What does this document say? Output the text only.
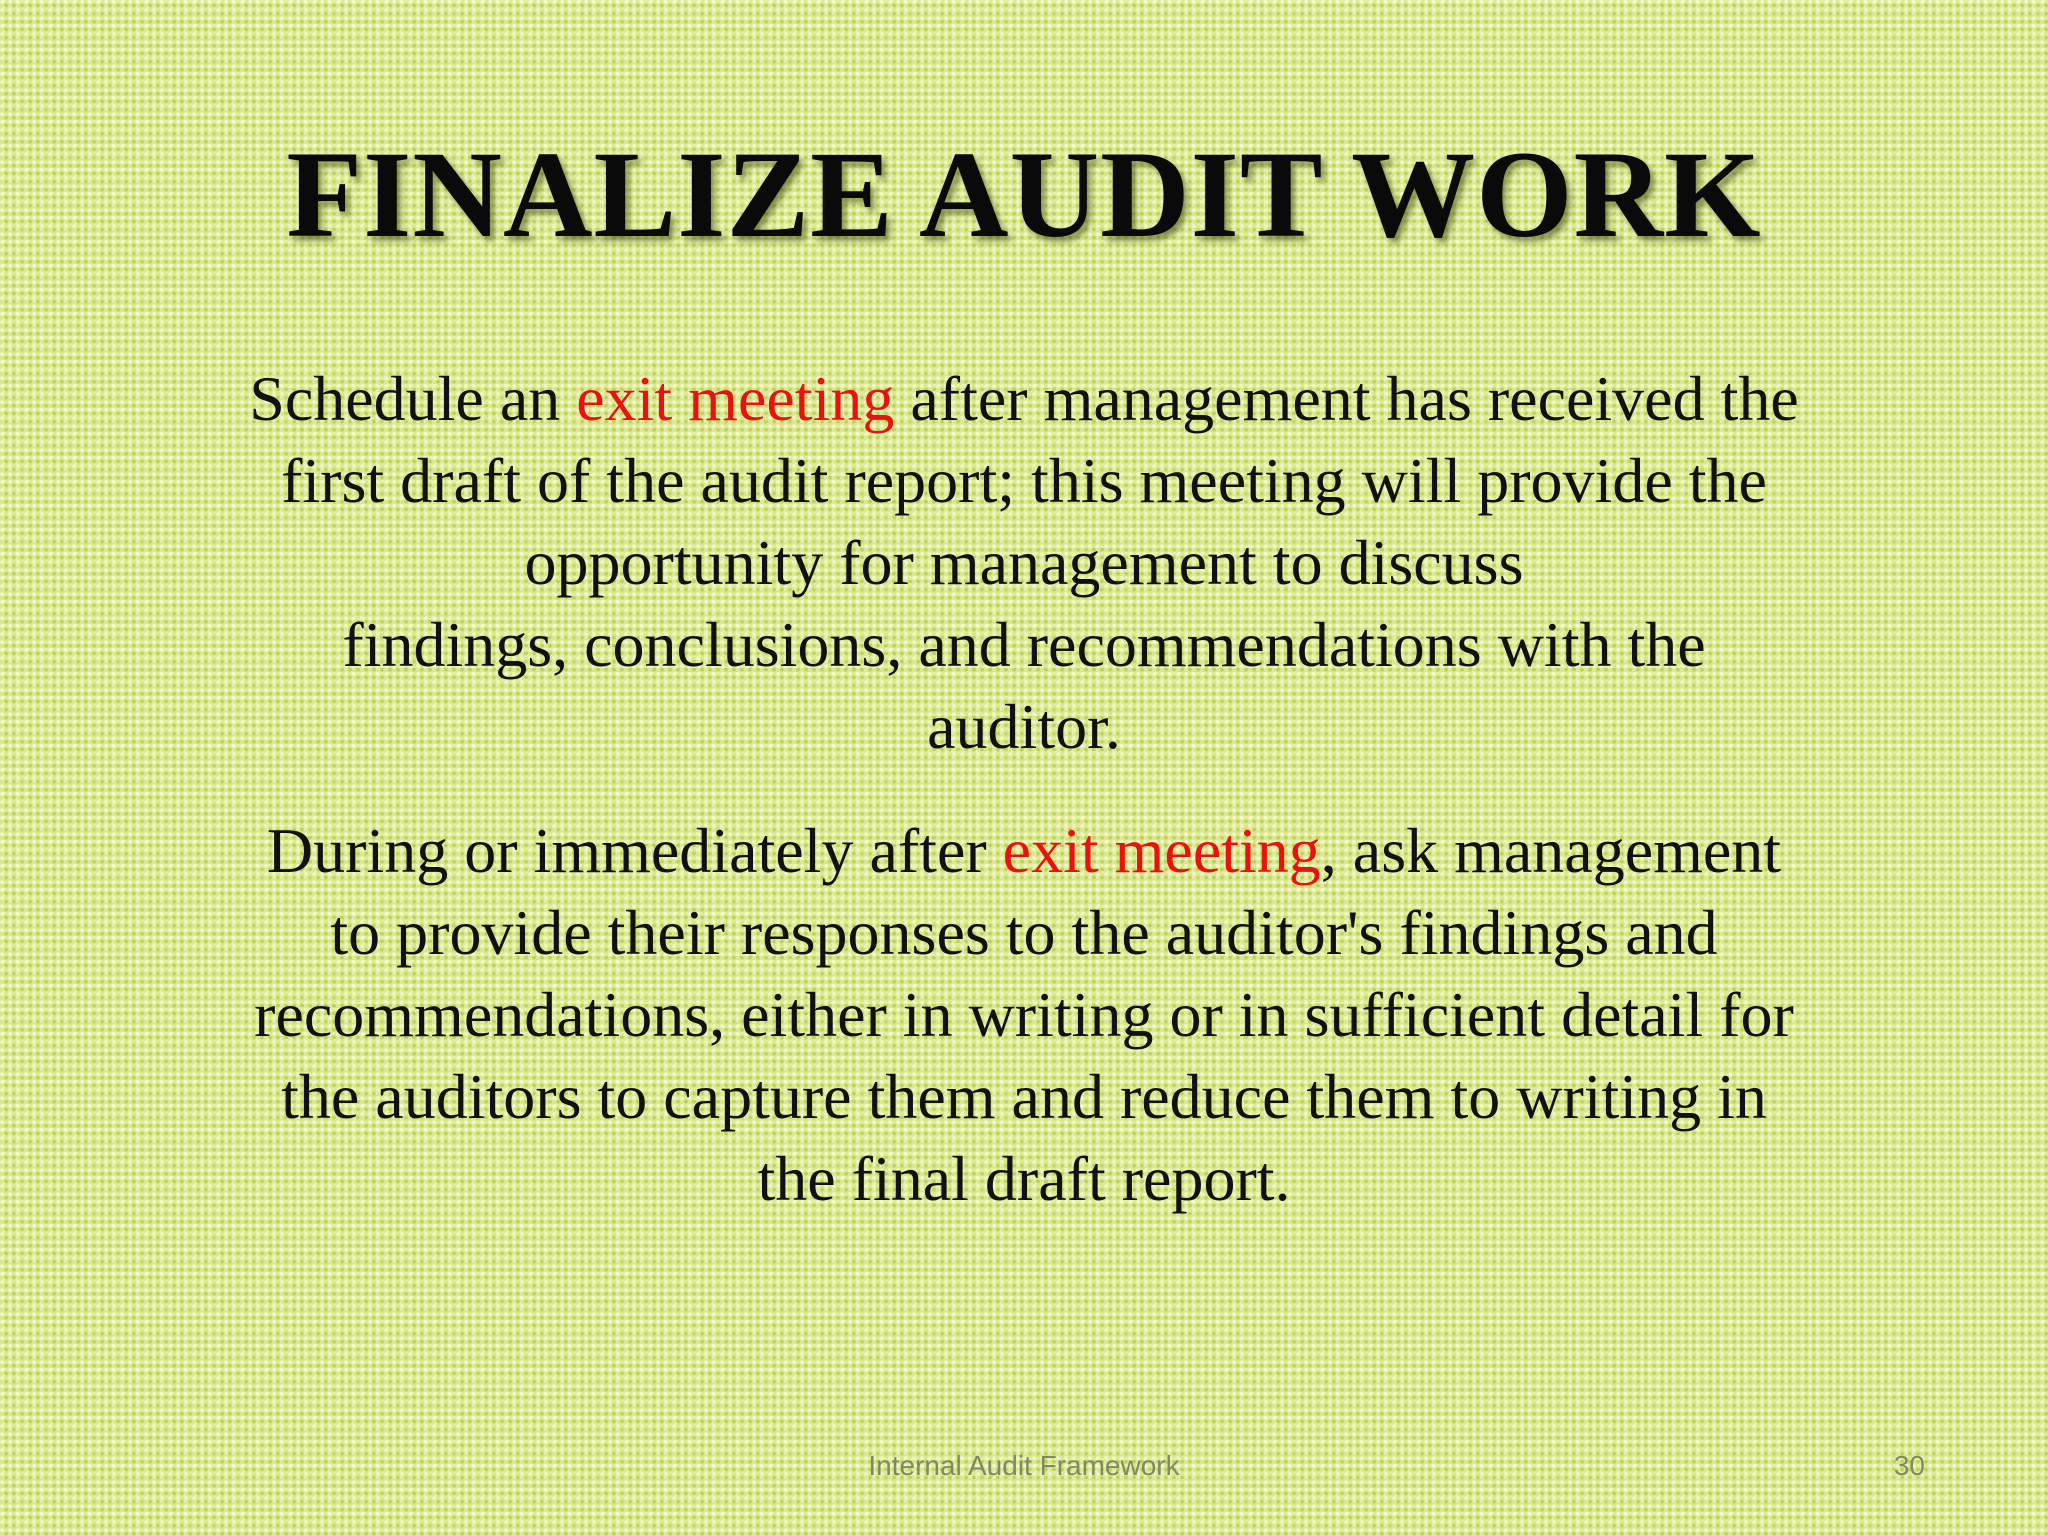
FINALIZE AUDIT WORK

Schedule an exit meeting after management has received the
first draft of the audit report; this meeting will provide the
opportunity for management to discuss
findings, conclusions, and recommendations with the
auditor.

During or immediately after exit meeting, ask management
to provide their responses to the auditor's findings and
recommendations, either in writing or in sufficient detail for
the auditors to capture them and reduce them to writing in
the final draft report.

Internal Audit Framework	30
